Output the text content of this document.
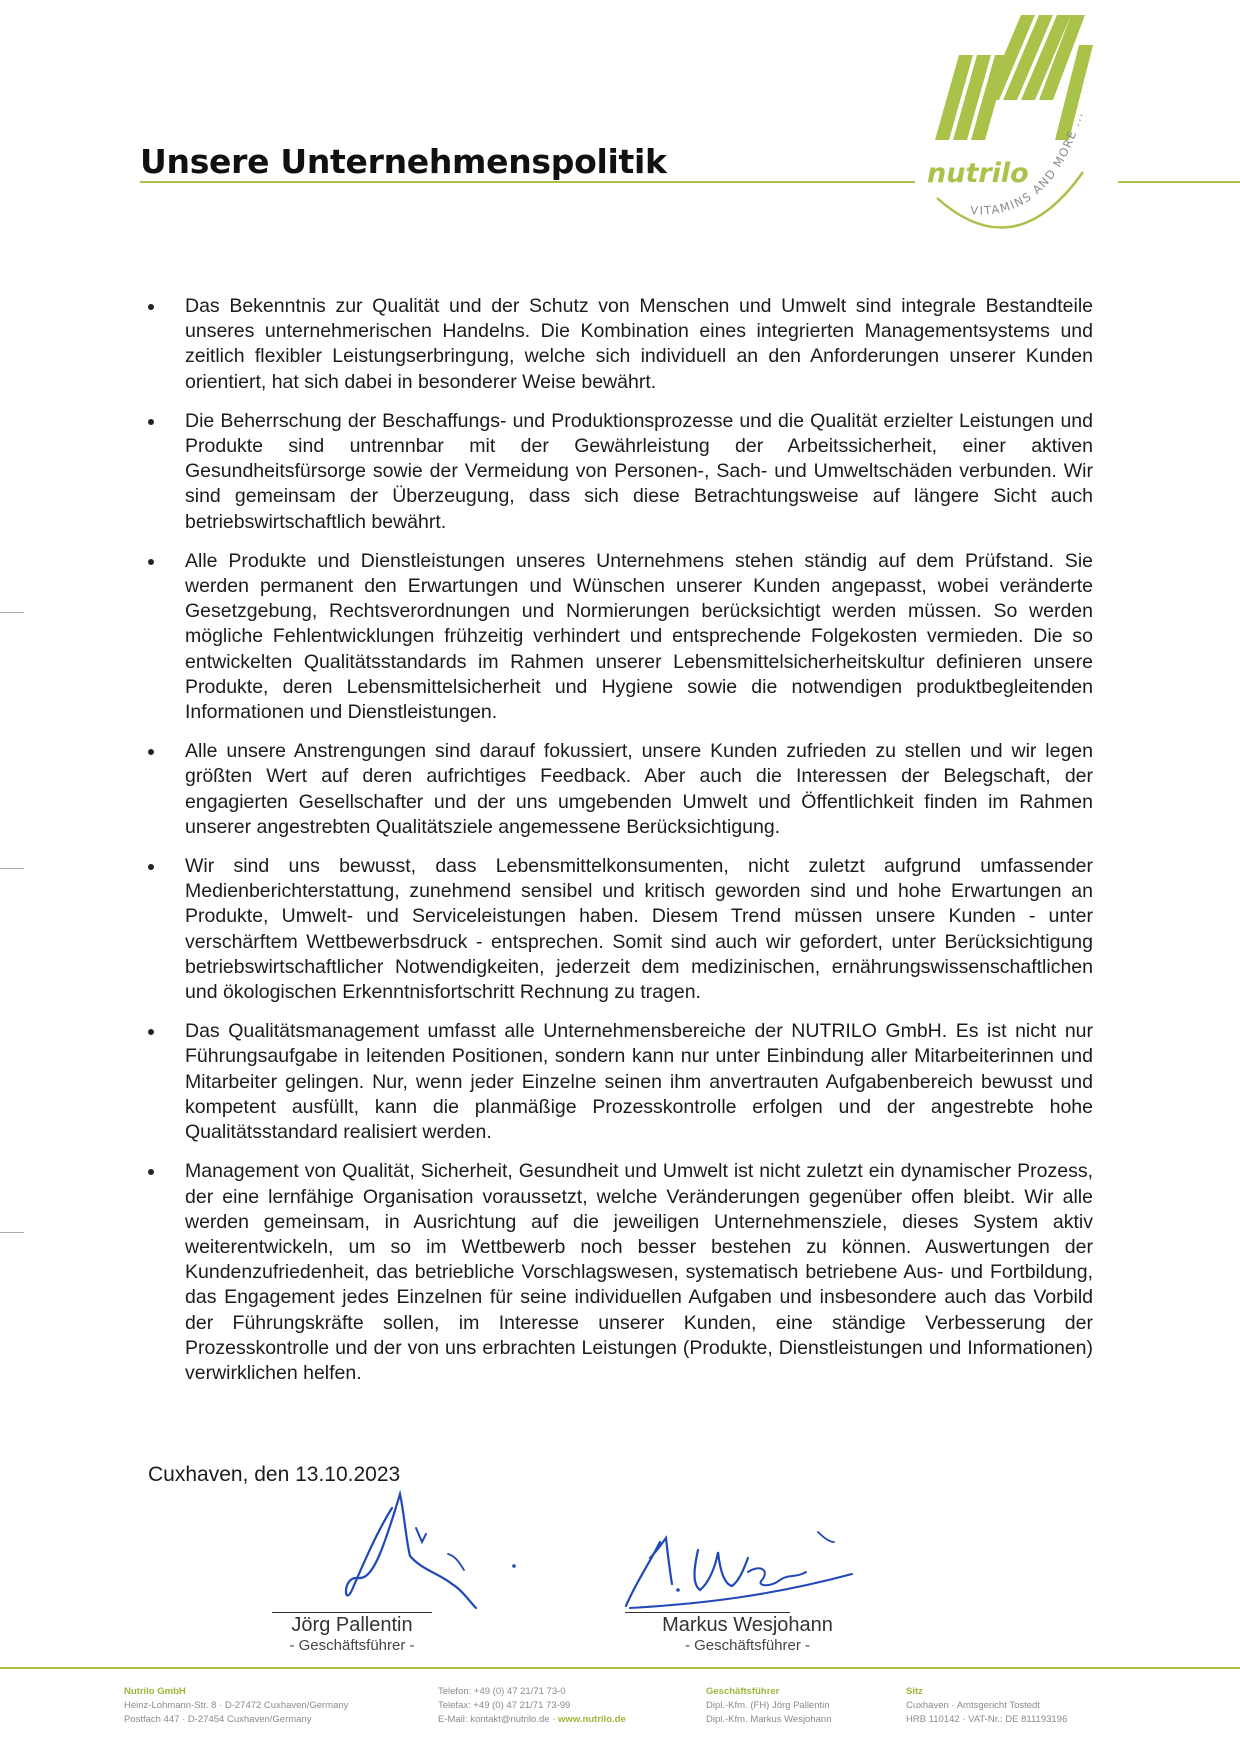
Unsere Unternehmenspolitik	nutrilo
VITAMINS AND MORE ...
Das Bekenntnis zur Qualität und der Schutz von Menschen und Umwelt sind integrale Bestandteile unseres unternehmerischen Handelns. Die Kombination eines integrierten Managementsystems und zeitlich flexibler Leistungserbringung, welche sich individuell an den Anforderungen unserer Kunden orientiert, hat sich dabei in besonderer Weise bewährt.
Die Beherrschung der Beschaffungs- und Produktionsprozesse und die Qualität erzielter Leistungen und Produkte sind untrennbar mit der Gewährleistung der Arbeitssicherheit, einer aktiven Gesundheitsfürsorge sowie der Vermeidung von Personen-, Sach- und Umweltschäden verbunden. Wir sind gemeinsam der Überzeugung, dass sich diese Betrachtungsweise auf längere Sicht auch betriebswirtschaftlich bewährt.
Alle Produkte und Dienstleistungen unseres Unternehmens stehen ständig auf dem Prüfstand. Sie werden permanent den Erwartungen und Wünschen unserer Kunden angepasst, wobei veränderte Gesetzgebung, Rechtsverordnungen und Normierungen berücksichtigt werden müssen. So werden mögliche Fehlentwicklungen frühzeitig verhindert und entsprechende Folgekosten vermieden. Die so entwickelten Qualitätsstandards im Rahmen unserer Lebensmittelsicherheitskultur definieren unsere Produkte, deren Lebensmittelsicherheit und Hygiene sowie die notwendigen produktbegleitenden Informationen und Dienstleistungen.
Alle unsere Anstrengungen sind darauf fokussiert, unsere Kunden zufrieden zu stellen und wir legen größten Wert auf deren aufrichtiges Feedback. Aber auch die Interessen der Belegschaft, der engagierten Gesellschafter und der uns umgebenden Umwelt und Öffentlichkeit finden im Rahmen unserer angestrebten Qualitätsziele angemessene Berücksichtigung.
Wir sind uns bewusst, dass Lebensmittelkonsumenten, nicht zuletzt aufgrund umfassender Medienberichterstattung, zunehmend sensibel und kritisch geworden sind und hohe Erwartungen an Produkte, Umwelt- und Serviceleistungen haben. Diesem Trend müssen unsere Kunden - unter verschärftem Wettbewerbsdruck - entsprechen. Somit sind auch wir gefordert, unter Berücksichtigung betriebswirtschaftlicher Notwendigkeiten, jederzeit dem medizinischen, ernährungswissenschaftlichen und ökologischen Erkenntnisfortschritt Rechnung zu tragen.
Das Qualitätsmanagement umfasst alle Unternehmensbereiche der NUTRILO GmbH. Es ist nicht nur Führungsaufgabe in leitenden Positionen, sondern kann nur unter Einbindung aller Mitarbeiterinnen und Mitarbeiter gelingen. Nur, wenn jeder Einzelne seinen ihm anvertrauten Aufgabenbereich bewusst und kompetent ausfüllt, kann die planmäßige Prozesskontrolle erfolgen und der angestrebte hohe Qualitätsstandard realisiert werden.
Management von Qualität, Sicherheit, Gesundheit und Umwelt ist nicht zuletzt ein dynamischer Prozess, der eine lernfähige Organisation voraussetzt, welche Veränderungen gegenüber offen bleibt. Wir alle werden gemeinsam, in Ausrichtung auf die jeweiligen Unternehmensziele, dieses System aktiv weiterentwickeln, um so im Wettbewerb noch besser bestehen zu können. Auswertungen der Kundenzufriedenheit, das betriebliche Vorschlagswesen, systematisch betriebene Aus- und Fortbildung, das Engagement jedes Einzelnen für seine individuellen Aufgaben und insbesondere auch das Vorbild der Führungskräfte sollen, im Interesse unserer Kunden, eine ständige Verbesserung der Prozesskontrolle und der von uns erbrachten Leistungen (Produkte, Dienstleistungen und Informationen) verwirklichen helfen.
Cuxhaven, den 13.10.2023
Jörg Pallentin
- Geschäftsführer -
Markus Wesjohann
- Geschäftsführer -
Nutrilo GmbH
Heinz-Lohmann-Str. 8 · D-27472 Cuxhaven/Germany
Postfach 447 · D-27454 Cuxhaven/Germany
Telefon: +49 (0) 47 21/71 73-0
Telefax: +49 (0) 47 21/71 73-99
E-Mail: kontakt@nutrilo.de · www.nutrilo.de
Geschäftsführer
Dipl.-Kfm. (FH) Jörg Pallentin
Dipl.-Kfm. Markus Wesjohann
Sitz
Cuxhaven · Amtsgericht Tostedt
HRB 110142 · VAT-Nr.: DE 811193196
